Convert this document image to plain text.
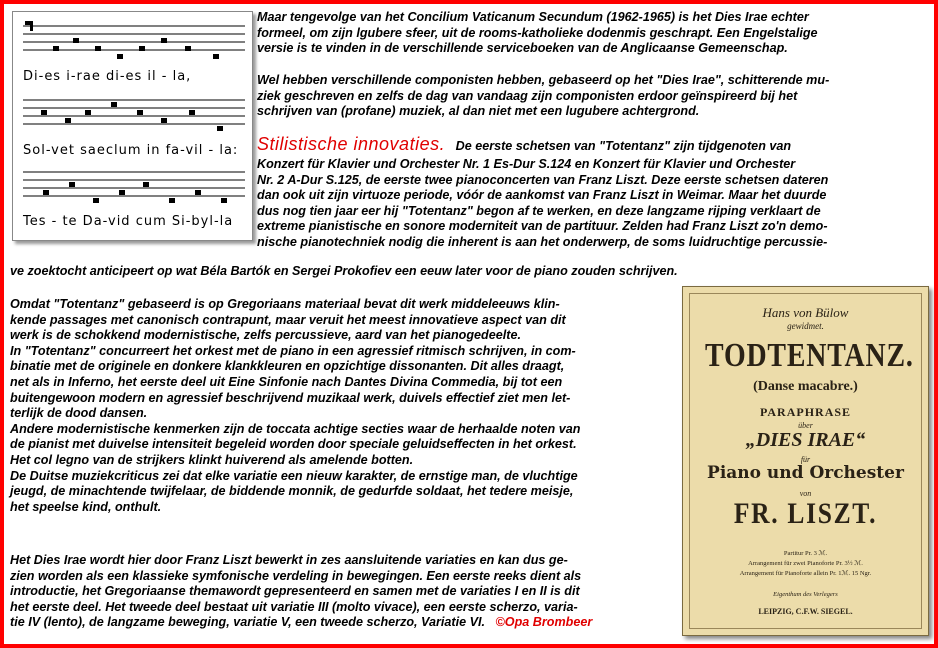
Di-es i-rae di-es il - la,
Sol-vet saeclum in fa-vil - la:
Tes - te Da-vid cum Si-byl-la
Maar tengevolge van het Concilium Vaticanum Secundum (1962-1965) is het Dies Irae echter
formeel, om zijn lgubere sfeer, uit de rooms-katholieke dodenmis geschrapt. Een Engelstalige
versie is te vinden in de verschillende serviceboeken van de Anglicaanse Gemeenschap.
Wel hebben verschillende componisten hebben, gebaseerd op het "Dies Irae", schitterende mu-
ziek geschreven en zelfs de dag van vandaag zijn componisten erdoor geïnspireerd bij het
schrijven van (profane) muziek, al dan niet met een lugubere achtergrond.
Stilistische innovaties. De eerste schetsen van "Totentanz" zijn tijdgenoten van
Konzert für Klavier und Orchester Nr. 1 Es-Dur S.124 en Konzert für Klavier und Orchester
Nr. 2 A-Dur S.125, de eerste twee pianoconcerten van Franz Liszt. Deze eerste schetsen dateren
dan ook uit zijn virtuoze periode, vóór de aankomst van Franz Liszt in Weimar. Maar het duurde
dus nog tien jaar eer hij "Totentanz" begon af te werken, en deze langzame rijping verklaart de
extreme pianistische en sonore moderniteit van de partituur. Zelden had Franz Liszt zo'n demo-
nische pianotechniek nodig die inherent is aan het onderwerp, de soms luidruchtige percussie-
ve zoektocht anticipeert op wat Béla Bartók en Sergei Prokofiev een eeuw later voor de piano zouden schrijven.
Omdat "Totentanz" gebaseerd is op Gregoriaans materiaal bevat dit werk middeleeuws klin-
kende passages met canonisch contrapunt, maar veruit het meest innovatieve aspect van dit
werk is de schokkend modernistische, zelfs percussieve, aard van het pianogedeelte.
In "Totentanz" concurreert het orkest met de piano in een agressief ritmisch schrijven, in com-
binatie met de originele en donkere klankkleuren en opzichtige dissonanten. Dit alles draagt,
net als in Inferno, het eerste deel uit Eine Sinfonie nach Dantes Divina Commedia, bij tot een
buitengewoon modern en agressief beschrijvend muzikaal werk, duivels effectief ziet men let-
terlijk de dood dansen.
Andere modernistische kenmerken zijn de toccata achtige secties waar de herhaalde noten van
de pianist met duivelse intensiteit begeleid worden door speciale geluidseffecten in het orkest.
Het col legno van de strijkers klinkt huiverend als amelende botten.
De Duitse muziekcriticus zei dat elke variatie een nieuw karakter, de ernstige man, de vluchtige
jeugd, de minachtende twijfelaar, de biddende monnik, de gedurfde soldaat, het tedere meisje,
het speelse kind, onthult.
Het Dies Irae wordt hier door Franz Liszt bewerkt in zes aansluitende variaties en kan dus ge-
zien worden als een klassieke symfonische verdeling in bewegingen. Een eerste reeks dient als
introductie, het Gregoriaanse themawordt gepresenteerd en samen met de variaties I en II is dit
het eerste deel. Het tweede deel bestaat uit variatie III (molto vivace), een eerste scherzo, varia-
tie IV (lento), de langzame beweging, variatie V, een tweede scherzo, Variatie VI. ©Opa Brombeer
Hans von Bülow
gewidmet.
TODTENTANZ.
(Danse macabre.)
PARAPHRASE
über
„DIES IRAE“
für
Piano und Orchester
von
FR. LISZT.
Partitur Pr. 3 ℳ.
Arrangement für zwei Pianoforte Pr. 3½ ℳ.
Arrangement für Pianoforte allein Pr. 1ℳ. 15 Ngr.
Eigenthum des Verlegers
LEIPZIG, C.F.W. SIEGEL.
